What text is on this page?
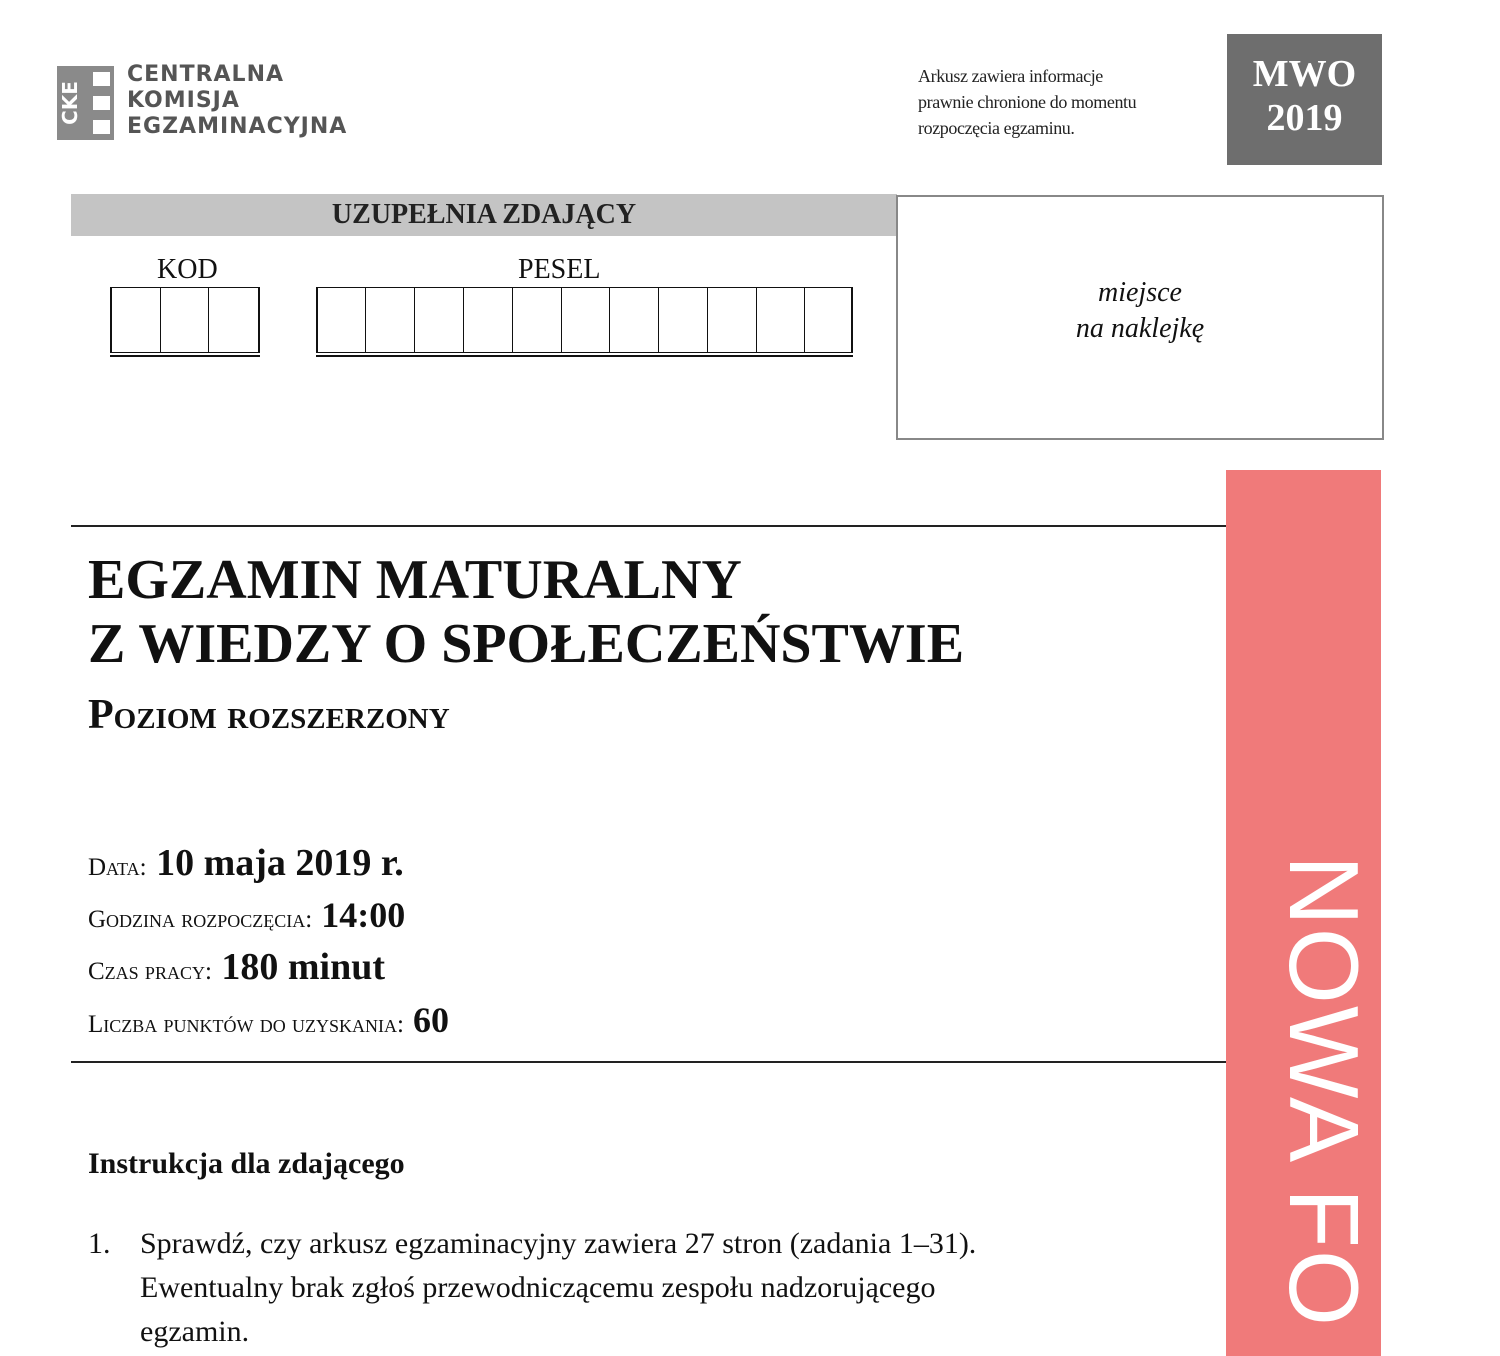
CKE
CENTRALNA
KOMISJA
EGZAMINACYJNA
Arkusz zawiera informacje
prawnie chronione do momentu
rozpoczęcia egzaminu.
MWO
2019
UZUPEŁNIA ZDAJĄCY
KOD	PESEL
miejsce
na naklejkę
NOWA FO
EGZAMIN MATURALNY
Z WIEDZY O SPOŁECZEŃSTWIE
Poziom rozszerzony
Data: 10 maja 2019 r.
Godzina rozpoczęcia: 14:00
Czas pracy: 180 minut
Liczba punktów do uzyskania: 60
Instrukcja dla zdającego
1. Sprawdź, czy arkusz egzaminacyjny zawiera 27 stron (zadania 1–31).
Ewentualny brak zgłoś przewodniczącemu zespołu nadzorującego
egzamin.
